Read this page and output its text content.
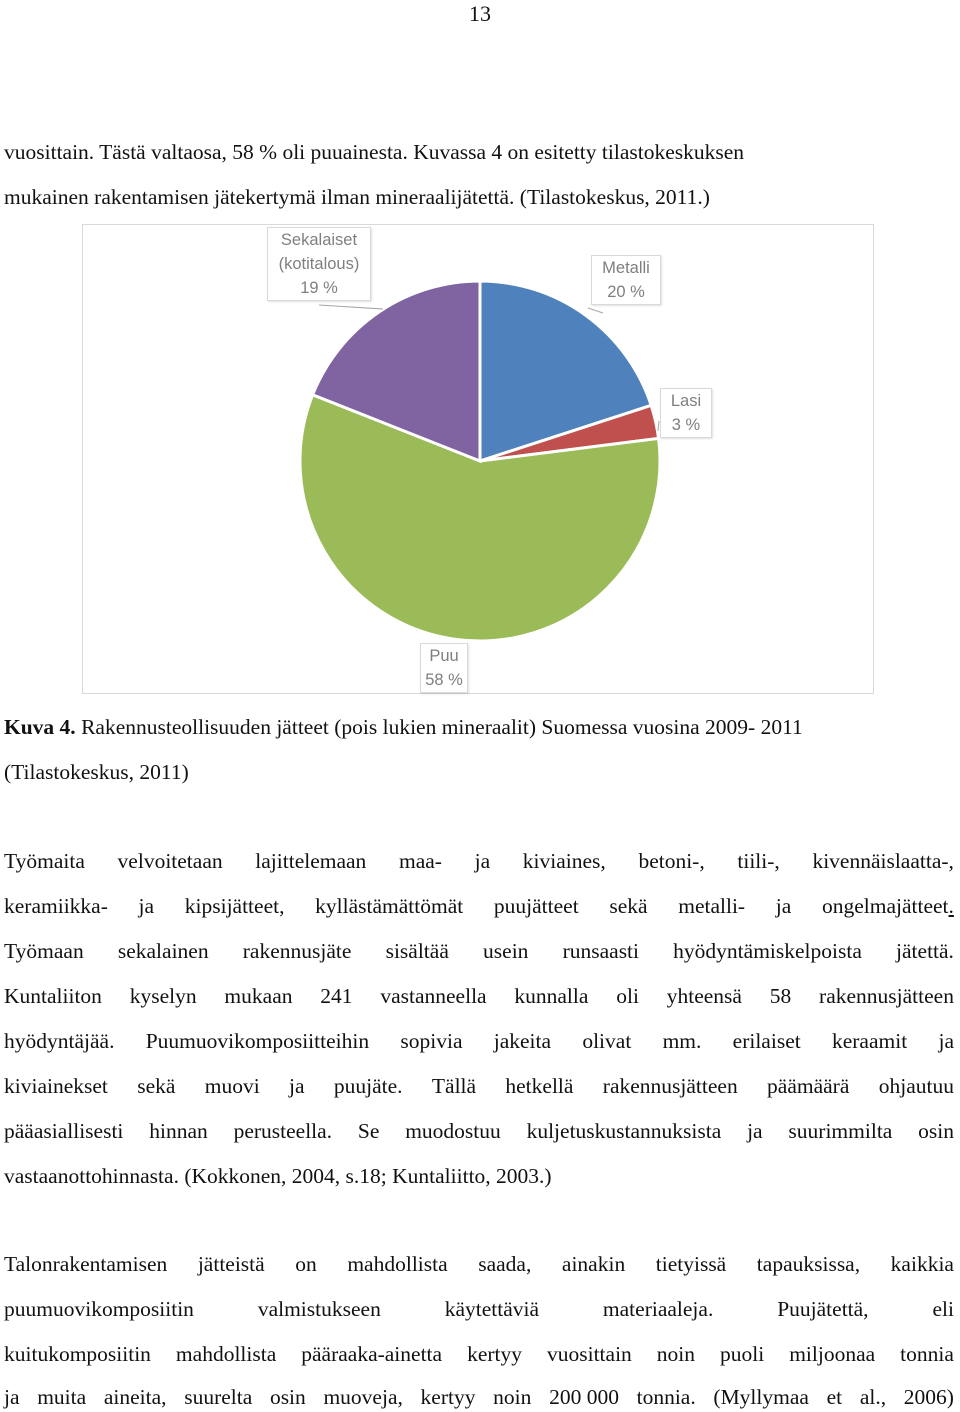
13
vuosittain. Tästä valtaosa, 58 % oli puuainesta. Kuvassa 4 on esitetty tilastokeskuksen
mukainen rakentamisen jätekertymä ilman mineraalijätettä. (Tilastokeskus, 2011.)
Sekalaiset
(kotitalous)
19 %
Metalli
20 %
Lasi
3 %
Puu
58 %
Kuva 4. Rakennusteollisuuden jätteet (pois lukien mineraalit) Suomessa vuosina 2009- 2011
(Tilastokeskus, 2011)
Työmaita velvoitetaan lajittelemaan maa- ja kiviaines, betoni-, tiili-, kivennäislaatta-,
keramiikka- ja kipsijätteet, kyllästämättömät puujätteet sekä metalli- ja ongelmajätteet.
Työmaan sekalainen rakennusjäte sisältää usein runsaasti hyödyntämiskelpoista jätettä.
Kuntaliiton kyselyn mukaan 241 vastanneella kunnalla oli yhteensä 58 rakennusjätteen
hyödyntäjää. Puumuovikomposiitteihin sopivia jakeita olivat mm. erilaiset keraamit ja
kiviainekset sekä muovi ja puujäte. Tällä hetkellä rakennusjätteen päämäärä ohjautuu
pääasiallisesti hinnan perusteella. Se muodostuu kuljetuskustannuksista ja suurimmilta osin
vastaanottohinnasta. (Kokkonen, 2004, s.18; Kuntaliitto, 2003.)
Talonrakentamisen jätteistä on mahdollista saada, ainakin tietyissä tapauksissa, kaikkia
puumuovikomposiitin	valmistukseen	käytettäviä	materiaaleja.	Puujätettä,	eli
kuitukomposiitin mahdollista pääraaka-ainetta kertyy vuosittain noin puoli miljoonaa tonnia
ja muita aineita, suurelta osin muoveja, kertyy noin 200 000 tonnia. (Myllymaa et al., 2006)
